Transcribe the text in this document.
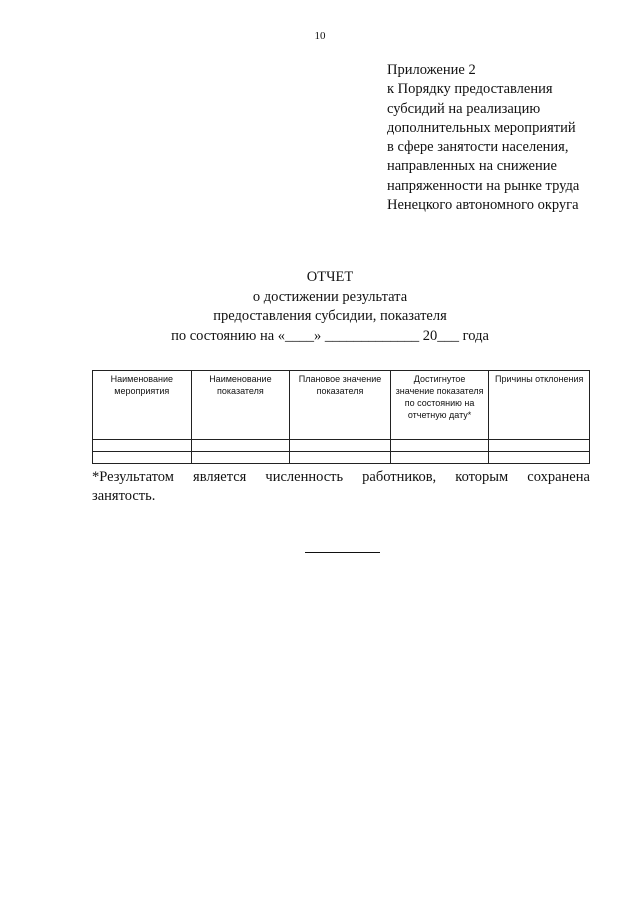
10
Приложение 2
к Порядку предоставления
субсидий на реализацию
дополнительных мероприятий
в сфере занятости населения,
направленных на снижение
напряженности на рынке труда
Ненецкого автономного округа
ОТЧЕТ
о достижении результата
предоставления субсидии, показателя
по состоянию на «____» _____________ 20___ года
Наименование мероприятия	Наименование показателя	Плановое значение показателя	Достигнутое значение показателя по состоянию на отчетную дату*	Причины отклонения

*Результатом является численность работников, которым сохранена
занятость.
